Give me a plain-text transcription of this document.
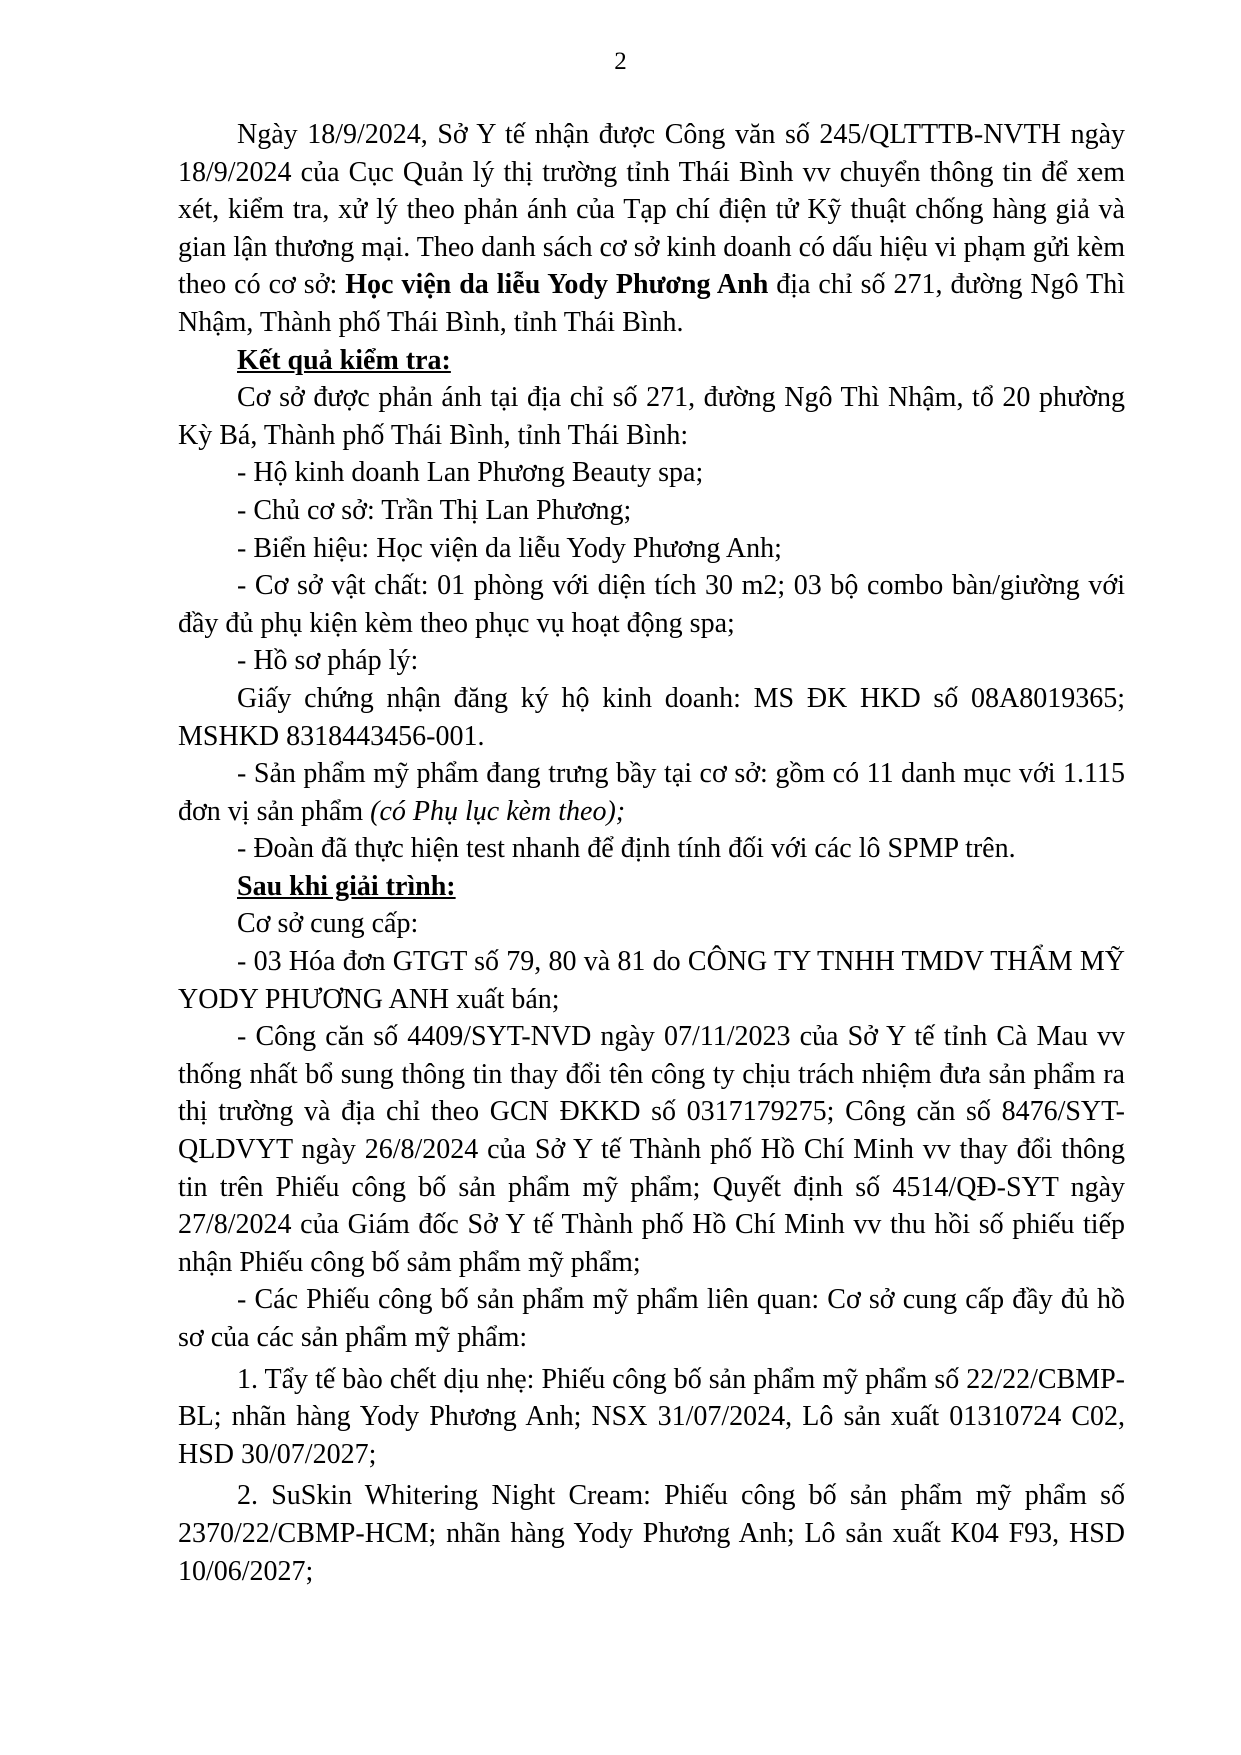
2

Ngày 18/9/2024, Sở Y tế nhận được Công văn số 245/QLTTTB-NVTH ngày 18/9/2024 của Cục Quản lý thị trường tỉnh Thái Bình vv chuyển thông tin để xem xét, kiểm tra, xử lý theo phản ánh của Tạp chí điện tử Kỹ thuật chống hàng giả và gian lận thương mại. Theo danh sách cơ sở kinh doanh có dấu hiệu vi phạm gửi kèm theo có cơ sở: Học viện da liễu Yody Phương Anh địa chỉ số 271, đường Ngô Thì Nhậm, Thành phố Thái Bình, tỉnh Thái Bình.

Kết quả kiểm tra:

Cơ sở được phản ánh tại địa chỉ số 271, đường Ngô Thì Nhậm, tổ 20 phường Kỳ Bá, Thành phố Thái Bình, tỉnh Thái Bình:

- Hộ kinh doanh Lan Phương Beauty spa;

- Chủ cơ sở: Trần Thị Lan Phương;

- Biển hiệu: Học viện da liễu Yody Phương Anh;

- Cơ sở vật chất: 01 phòng với diện tích 30 m2; 03 bộ combo bàn/giường với đầy đủ phụ kiện kèm theo phục vụ hoạt động spa;

- Hồ sơ pháp lý:

Giấy chứng nhận đăng ký hộ kinh doanh: MS ĐK HKD số 08A8019365; MSHKD 8318443456-001.

- Sản phẩm mỹ phẩm đang trưng bầy tại cơ sở: gồm có 11 danh mục với 1.115 đơn vị sản phẩm (có Phụ lục kèm theo);

- Đoàn đã thực hiện test nhanh để định tính đối với các lô SPMP trên.

Sau khi giải trình:

Cơ sở cung cấp:

- 03 Hóa đơn GTGT số 79, 80 và 81 do CÔNG TY TNHH TMDV THẨM MỸ YODY PHƯƠNG ANH xuất bán;

- Công căn số 4409/SYT-NVD ngày 07/11/2023 của Sở Y tế tỉnh Cà Mau vv thống nhất bổ sung thông tin thay đổi tên công ty chịu trách nhiệm đưa sản phẩm ra thị trường và địa chỉ theo GCN ĐKKD số 0317179275; Công căn số 8476/SYT-QLDVYT ngày 26/8/2024 của Sở Y tế Thành phố Hồ Chí Minh vv thay đổi thông tin trên Phiếu công bố sản phẩm mỹ phẩm; Quyết định số 4514/QĐ-SYT ngày 27/8/2024 của Giám đốc Sở Y tế Thành phố Hồ Chí Minh vv thu hồi số phiếu tiếp nhận Phiếu công bố sảm phẩm mỹ phẩm;

- Các Phiếu công bố sản phẩm mỹ phẩm liên quan: Cơ sở cung cấp đầy đủ hồ sơ của các sản phẩm mỹ phẩm:

1. Tẩy tế bào chết dịu nhẹ: Phiếu công bố sản phẩm mỹ phẩm số 22/22/CBMP-BL; nhãn hàng Yody Phương Anh; NSX 31/07/2024, Lô sản xuất 01310724 C02, HSD 30/07/2027;

2. SuSkin Whitering Night Cream: Phiếu công bố sản phẩm mỹ phẩm số 2370/22/CBMP-HCM; nhãn hàng Yody Phương Anh; Lô sản xuất K04 F93, HSD 10/06/2027;
